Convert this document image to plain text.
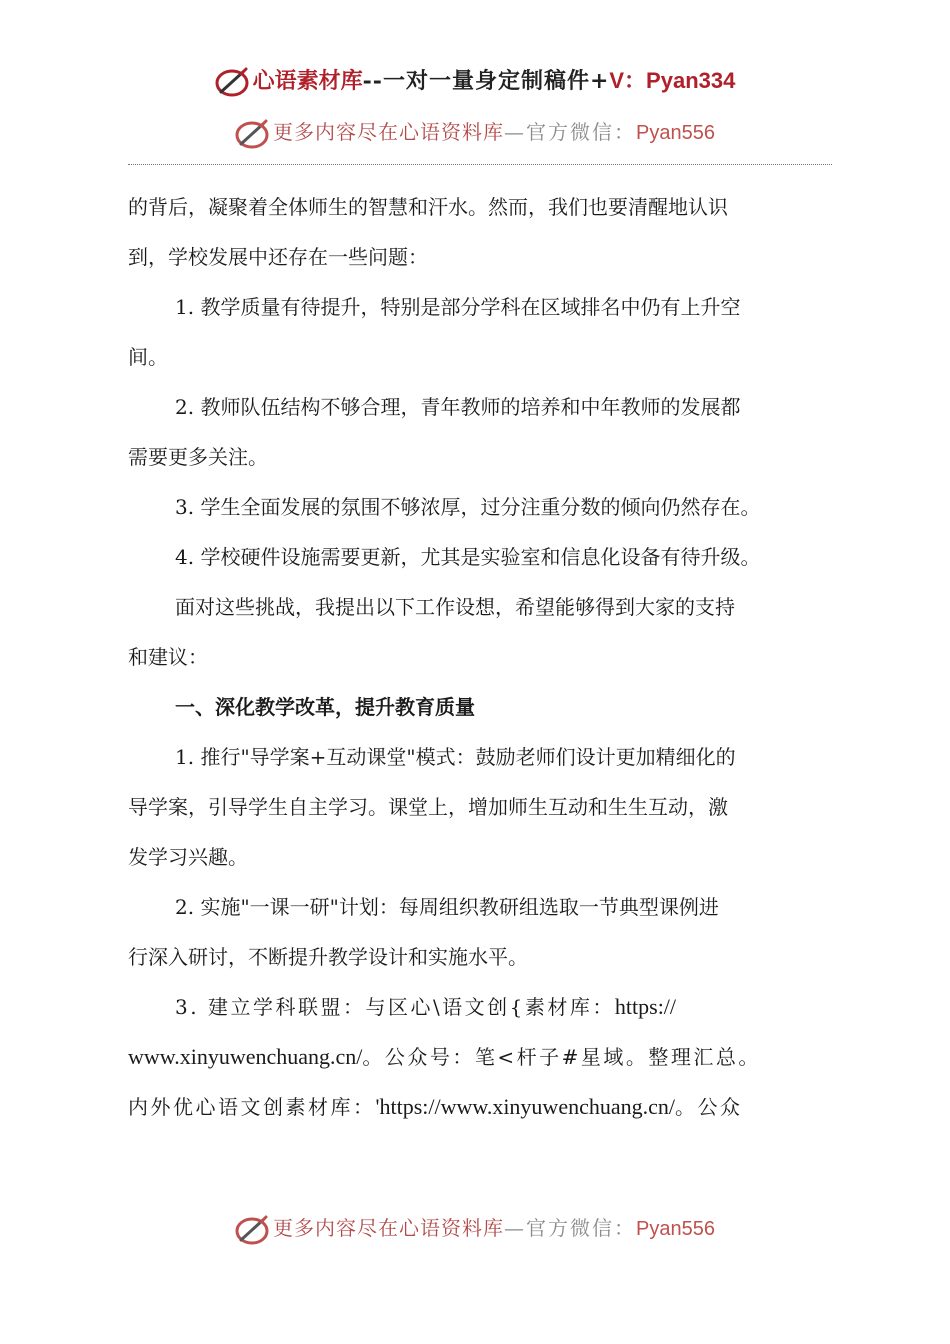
心语素材库--一对一量身定制稿件+V：Pyan334
更多内容尽在心语资料库—官方微信：Pyan556

的背后，凝聚着全体师生的智慧和汗水。然而，我们也要清醒地认识

到，学校发展中还存在一些问题：

1. 教学质量有待提升，特别是部分学科在区域排名中仍有上升空

间。

2. 教师队伍结构不够合理，青年教师的培养和中年教师的发展都

需要更多关注。

3. 学生全面发展的氛围不够浓厚，过分注重分数的倾向仍然存在。

4. 学校硬件设施需要更新，尤其是实验室和信息化设备有待升级。

面对这些挑战，我提出以下工作设想，希望能够得到大家的支持

和建议：

一、深化教学改革，提升教育质量

1. 推行"导学案+互动课堂"模式：鼓励老师们设计更加精细化的

导学案，引导学生自主学习。课堂上，增加师生互动和生生互动，激

发学习兴趣。

2. 实施"一课一研"计划：每周组织教研组选取一节典型课例进

行深入研讨，不断提升教学设计和实施水平。

3. 建立学科联盟：与区心\语文创{素材库：https://

www.xinyuwenchuang.cn/。公众号：笔<杆子#星域。整理汇总。

内外优心语文创素材库：'https://www.xinyuwenchuang.cn/。公众

更多内容尽在心语资料库—官方微信：Pyan556
